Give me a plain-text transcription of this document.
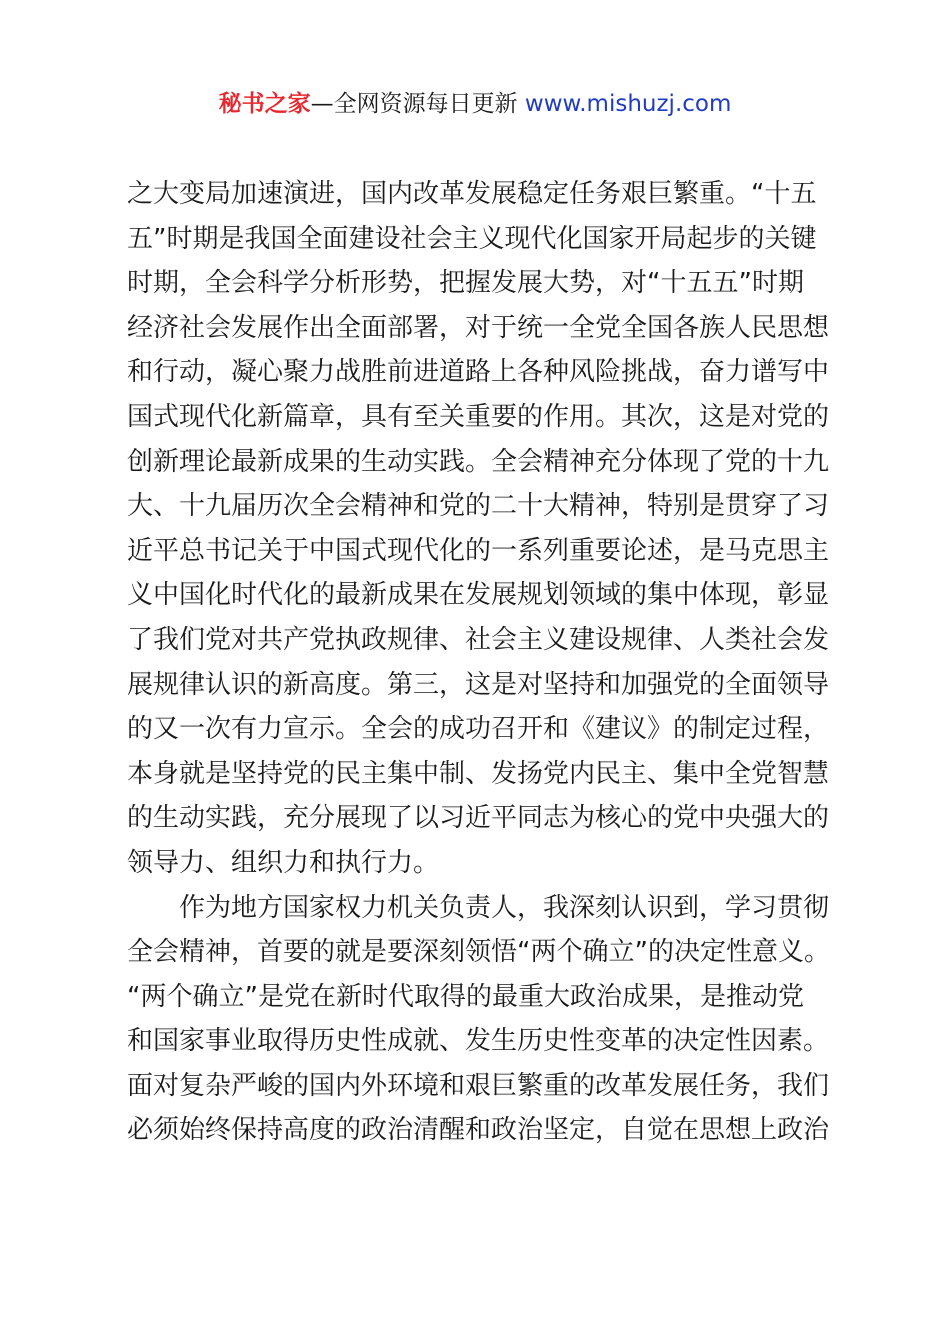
秘书之家—全网资源每日更新 www.mishuzj.com
之大变局加速演进，国内改革发展稳定任务艰巨繁重。“十五
五”时期是我国全面建设社会主义现代化国家开局起步的关键
时期，全会科学分析形势，把握发展大势，对“十五五”时期
经济社会发展作出全面部署，对于统一全党全国各族人民思想
和行动，凝心聚力战胜前进道路上各种风险挑战，奋力谱写中
国式现代化新篇章，具有至关重要的作用。其次，这是对党的
创新理论最新成果的生动实践。全会精神充分体现了党的十九
大、十九届历次全会精神和党的二十大精神，特别是贯穿了习
近平总书记关于中国式现代化的一系列重要论述，是马克思主
义中国化时代化的最新成果在发展规划领域的集中体现，彰显
了我们党对共产党执政规律、社会主义建设规律、人类社会发
展规律认识的新高度。第三，这是对坚持和加强党的全面领导
的又一次有力宣示。全会的成功召开和《建议》的制定过程，
本身就是坚持党的民主集中制、发扬党内民主、集中全党智慧
的生动实践，充分展现了以习近平同志为核心的党中央强大的
领导力、组织力和执行力。
作为地方国家权力机关负责人，我深刻认识到，学习贯彻
全会精神，首要的就是要深刻领悟“两个确立”的决定性意义。
“两个确立”是党在新时代取得的最重大政治成果，是推动党
和国家事业取得历史性成就、发生历史性变革的决定性因素。
面对复杂严峻的国内外环境和艰巨繁重的改革发展任务，我们
必须始终保持高度的政治清醒和政治坚定，自觉在思想上政治
